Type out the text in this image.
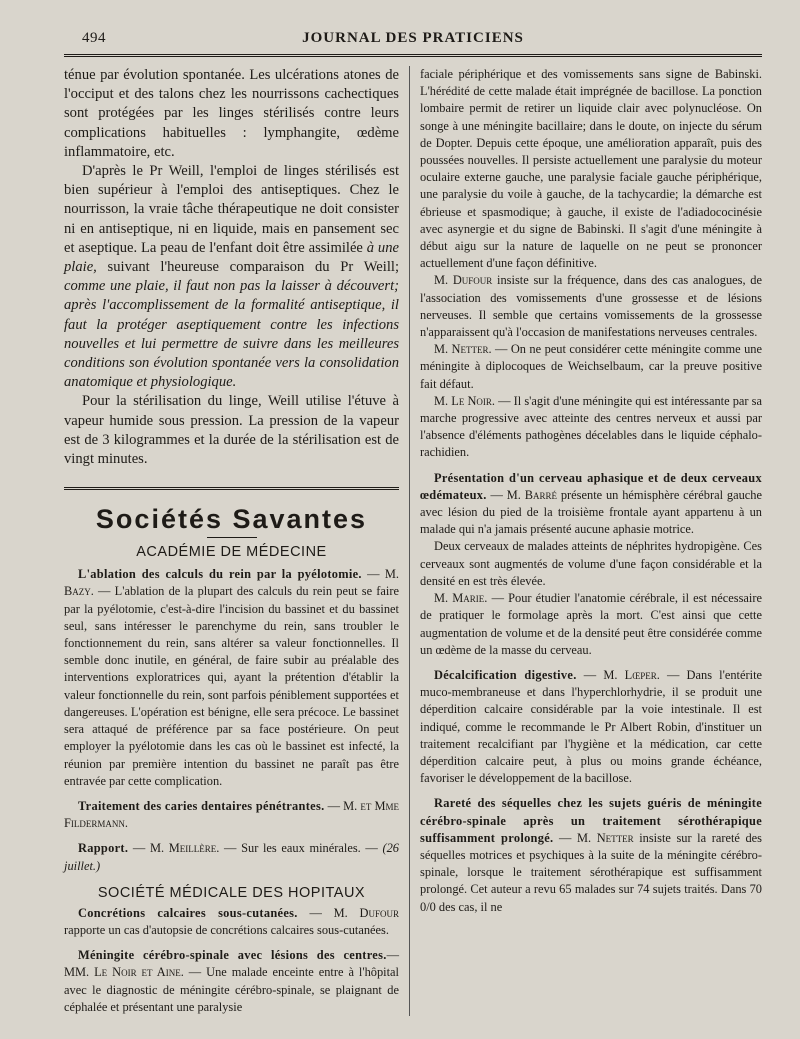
494	JOURNAL DES PRATICIENS

ténue par évolution spontanée. Les ulcérations atones de l'occiput et des talons chez les nourrissons cachectiques sont protégées par les linges stérilisés contre leurs complications habituelles : lymphangite, œdème inflammatoire, etc.

D'après le Pr Weill, l'emploi de linges stérilisés est bien supérieur à l'emploi des antiseptiques. Chez le nourrisson, la vraie tâche thérapeutique ne doit consister ni en antiseptique, ni en liquide, mais en pansement sec et aseptique. La peau de l'enfant doit être assimilée à une plaie, suivant l'heureuse comparaison du Pr Weill; comme une plaie, il faut non pas la laisser à découvert; après l'accomplissement de la formalité antiseptique, il faut la protéger aseptiquement contre les infections nouvelles et lui permettre de suivre dans les meilleures conditions son évolution spontanée vers la consolidation anatomique et physiologique.

Pour la stérilisation du linge, Weill utilise l'étuve à vapeur humide sous pression. La pression de la vapeur est de 3 kilogrammes et la durée de la stérilisation est de vingt minutes.

Sociétés Savantes
ACADÉMIE DE MÉDECINE

L'ablation des calculs du rein par la pyélotomie. — M. Bazy. — L'ablation de la plupart des calculs du rein peut se faire par la pyélotomie, c'est-à-dire l'incision du bassinet et du bassinet seul, sans intéresser le parenchyme du rein, sans troubler le fonctionnement du rein, sans altérer sa valeur fonctionnelles. Il semble donc inutile, en général, de faire subir au préalable des interventions exploratrices qui, ayant la prétention d'établir la valeur fonctionnelle du rein, sont parfois péniblement supportées et dangereuses. L'opération est bénigne, elle sera précoce. Le bassinet sera attaqué de préférence par sa face postérieure. On peut employer la pyélotomie dans les cas où le bassinet est infecté, la réunion par première intention du bassinet ne paraît pas être entravée par cette complication.

Traitement des caries dentaires pénétrantes. — M. et Mme Fildermann.

Rapport. — M. Meillère. — Sur les eaux minérales. — (26 juillet.)

SOCIÉTÉ MÉDICALE DES HOPITAUX

Concrétions calcaires sous-cutanées. — M. Dufour rapporte un cas d'autopsie de concrétions calcaires sous-cutanées.

Méningite cérébro-spinale avec lésions des centres.— MM. Le Noir et Aine. — Une malade enceinte entre à l'hôpital avec le diagnostic de méningite cérébro-spinale, se plaignant de céphalée et présentant une paralysie

faciale périphérique et des vomissements sans signe de Babinski. L'hérédité de cette malade était imprégnée de bacillose. La ponction lombaire permit de retirer un liquide clair avec polynucléose. On songe à une méningite bacillaire; dans le doute, on injecte du sérum de Dopter. Depuis cette époque, une amélioration apparaît, puis des poussées nouvelles. Il persiste actuellement une paralysie du moteur oculaire externe gauche, une paralysie faciale gauche périphérique, une paralysie du voile à gauche, de la tachycardie; la démarche est ébrieuse et spasmodique; à gauche, il existe de l'adiadococinésie avec asynergie et du signe de Babinski. Il s'agit d'une méningite à début aigu sur la nature de laquelle on ne peut se prononcer actuellement d'une façon définitive.

M. Dufour insiste sur la fréquence, dans des cas analogues, de l'association des vomissements d'une grossesse et de lésions nerveuses. Il semble que certains vomissements de la grossesse n'apparaissent qu'à l'occasion de manifestations nerveuses centrales.

M. Netter. — On ne peut considérer cette méningite comme une méningite à diplocoques de Weichselbaum, car la preuve positive fait défaut.

M. Le Noir. — Il s'agit d'une méningite qui est intéressante par sa marche progressive avec atteinte des centres nerveux et aussi par l'absence d'éléments pathogènes décelables dans le liquide céphalo-rachidien.

Présentation d'un cerveau aphasique et de deux cerveaux œdémateux. — M. Barré présente un hémisphère cérébral gauche avec lésion du pied de la troisième frontale ayant appartenu à un malade qui n'a jamais présenté aucune aphasie motrice.

Deux cerveaux de malades atteints de néphrites hydropigène. Ces cerveaux sont augmentés de volume d'une façon considérable et la densité en est très élevée.

M. Marie. — Pour étudier l'anatomie cérébrale, il est nécessaire de pratiquer le formolage après la mort. C'est ainsi que cette augmentation de volume et de la densité peut être considérée comme un œdème de la masse du cerveau.

Décalcification digestive. — M. Lœper. — Dans l'entérite muco-membraneuse et dans l'hyperchlorhydrie, il se produit une déperdition calcaire considérable par la voie intestinale. Il est indiqué, comme le recommande le Pr Albert Robin, d'instituer un traitement recalcifiant par l'hygiène et la médication, car cette déperdition calcaire peut, à plus ou moins grande échéance, favoriser le développement de la bacillose.

Rareté des séquelles chez les sujets guéris de méningite cérébro-spinale après un traitement sérothérapique suffisamment prolongé. — M. Netter insiste sur la rareté des séquelles motrices et psychiques à la suite de la méningite cérébro-spinale, lorsque le traitement sérothérapique est suffisamment prolongé. Cet auteur a revu 65 malades sur 74 sujets traités. Dans 70 0/0 des cas, il ne
